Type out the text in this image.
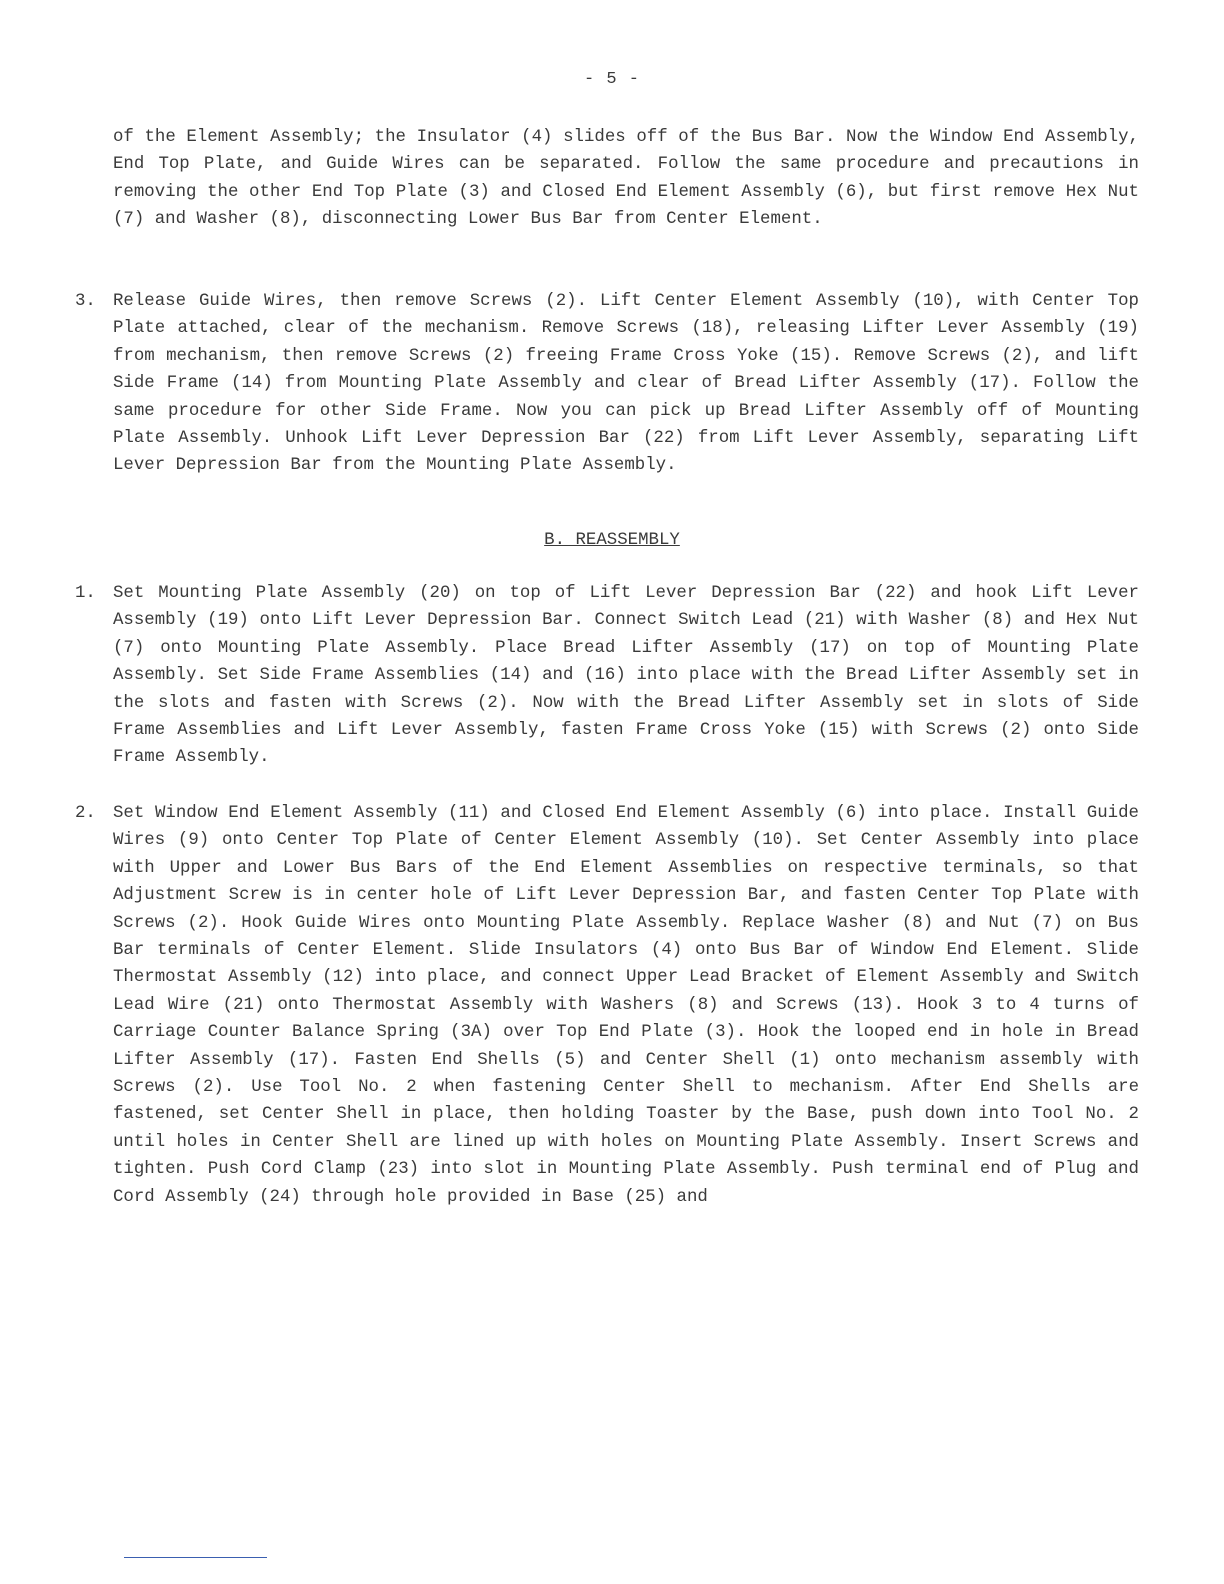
- 5 -

of the Element Assembly; the Insulator (4) slides off of the Bus Bar. Now the Window End Assembly, End Top Plate, and Guide Wires can be separated. Follow the same procedure and precautions in removing the other End Top Plate (3) and Closed End Element Assembly (6), but first remove Hex Nut (7) and Washer (8), disconnecting Lower Bus Bar from Center Element.

3. Release Guide Wires, then remove Screws (2). Lift Center Element Assembly (10), with Center Top Plate attached, clear of the mechanism. Remove Screws (18), releasing Lifter Lever Assembly (19) from mechanism, then remove Screws (2) freeing Frame Cross Yoke (15). Remove Screws (2), and lift Side Frame (14) from Mounting Plate Assembly and clear of Bread Lifter Assembly (17). Follow the same procedure for other Side Frame. Now you can pick up Bread Lifter Assembly off of Mounting Plate Assembly. Unhook Lift Lever Depression Bar (22) from Lift Lever Assembly, separating Lift Lever Depression Bar from the Mounting Plate Assembly.
B. REASSEMBLY
1. Set Mounting Plate Assembly (20) on top of Lift Lever Depression Bar (22) and hook Lift Lever Assembly (19) onto Lift Lever Depression Bar. Connect Switch Lead (21) with Washer (8) and Hex Nut (7) onto Mounting Plate Assembly. Place Bread Lifter Assembly (17) on top of Mounting Plate Assembly. Set Side Frame Assemblies (14) and (16) into place with the Bread Lifter Assembly set in the slots and fasten with Screws (2). Now with the Bread Lifter Assembly set in slots of Side Frame Assemblies and Lift Lever Assembly, fasten Frame Cross Yoke (15) with Screws (2) onto Side Frame Assembly.
2. Set Window End Element Assembly (11) and Closed End Element Assembly (6) into place. Install Guide Wires (9) onto Center Top Plate of Center Element Assembly (10). Set Center Assembly into place with Upper and Lower Bus Bars of the End Element Assemblies on respective terminals, so that Adjustment Screw is in center hole of Lift Lever Depression Bar, and fasten Center Top Plate with Screws (2). Hook Guide Wires onto Mounting Plate Assembly. Replace Washer (8) and Nut (7) on Bus Bar terminals of Center Element. Slide Insulators (4) onto Bus Bar of Window End Element. Slide Thermostat Assembly (12) into place, and connect Upper Lead Bracket of Element Assembly and Switch Lead Wire (21) onto Thermostat Assembly with Washers (8) and Screws (13). Hook 3 to 4 turns of Carriage Counter Balance Spring (3A) over Top End Plate (3). Hook the looped end in hole in Bread Lifter Assembly (17). Fasten End Shells (5) and Center Shell (1) onto mechanism assembly with Screws (2). Use Tool No. 2 when fastening Center Shell to mechanism. After End Shells are fastened, set Center Shell in place, then holding Toaster by the Base, push down into Tool No. 2 until holes in Center Shell are lined up with holes on Mounting Plate Assembly. Insert Screws and tighten. Push Cord Clamp (23) into slot in Mounting Plate Assembly. Push terminal end of Plug and Cord Assembly (24) through hole provided in Base (25) and
